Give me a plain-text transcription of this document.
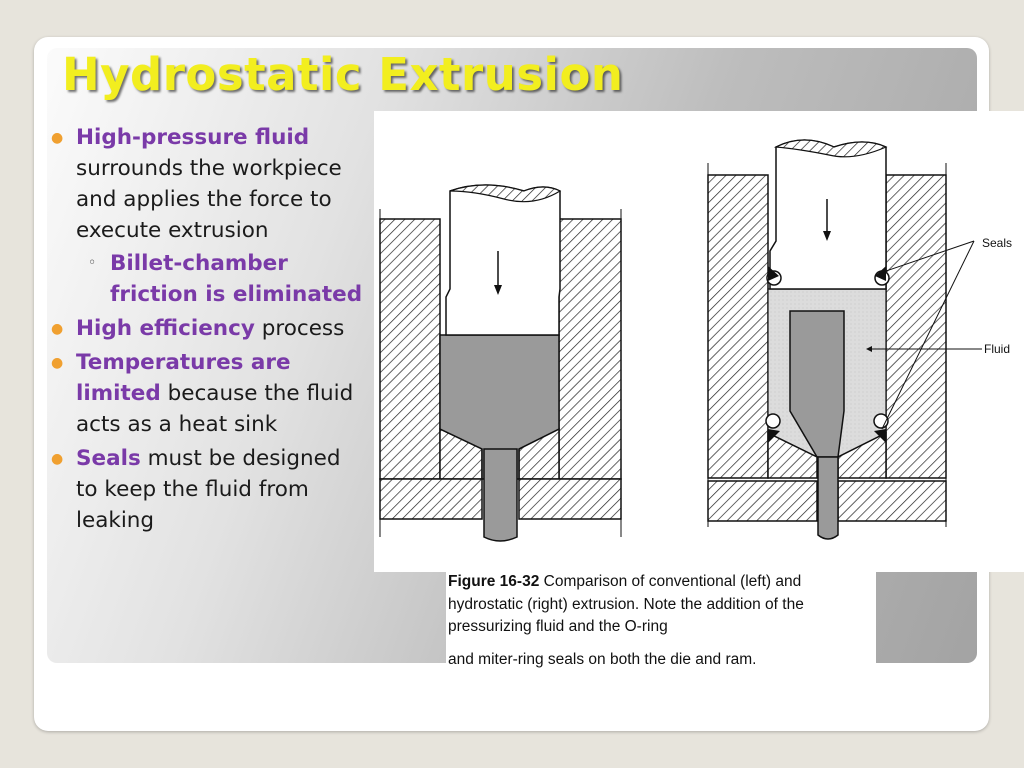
Hydrostatic Extrusion
● High-pressure fluid surrounds the workpiece and applies the force to execute extrusion
◦ Billet-chamber friction is eliminated
● High efficiency process
● Temperatures are limited because the fluid acts as a heat sink
● Seals must be designed to keep the fluid from leaking
Seals
Fluid
Figure 16-32 Comparison of conventional (left) and hydrostatic (right) extrusion. Note the addition of the pressurizing fluid and the O-ring
and miter-ring seals on both the die and ram.
